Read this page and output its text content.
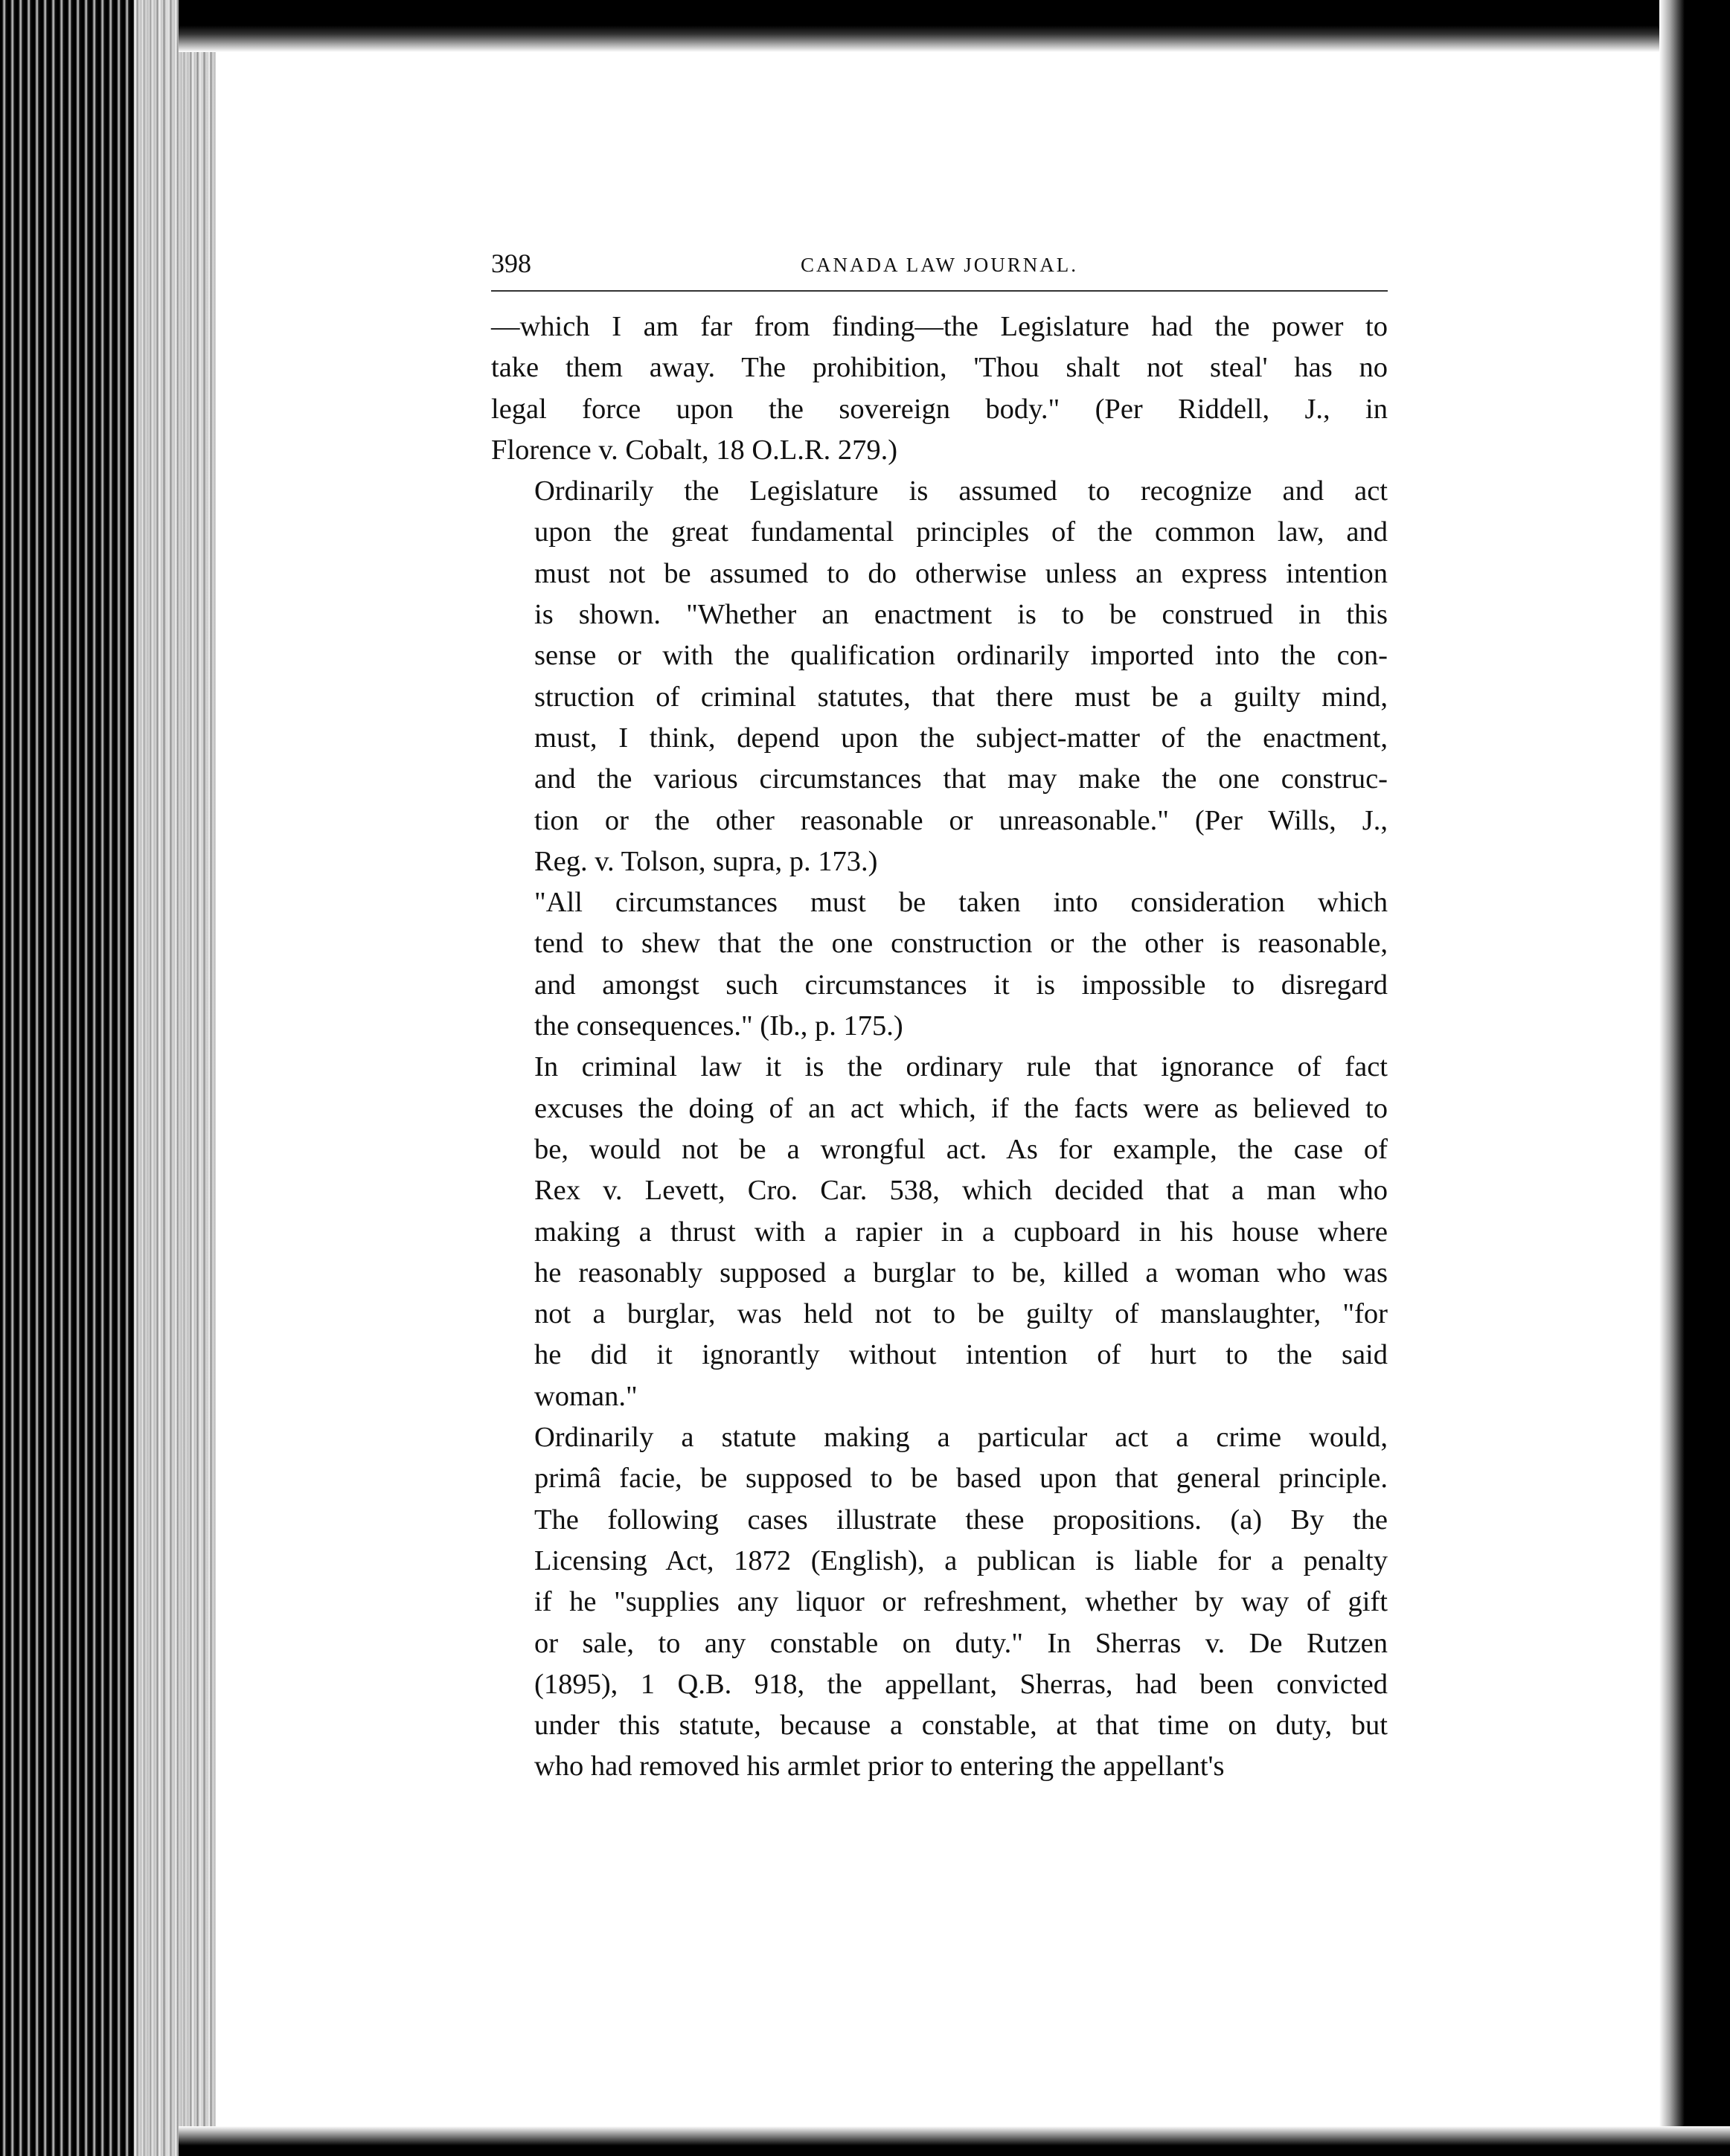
398	CANADA LAW JOURNAL.

—which I am far from finding—the Legislature had the power to
take them away. The prohibition, 'Thou shalt not steal' has no
legal force upon the sovereign body." (Per Riddell, J., in
Florence v. Cobalt, 18 O.L.R. 279.)

Ordinarily the Legislature is assumed to recognize and act
upon the great fundamental principles of the common law, and
must not be assumed to do otherwise unless an express intention
is shown. "Whether an enactment is to be construed in this
sense or with the qualification ordinarily imported into the con-
struction of criminal statutes, that there must be a guilty mind,
must, I think, depend upon the subject-matter of the enactment,
and the various circumstances that may make the one construc-
tion or the other reasonable or unreasonable." (Per Wills, J.,
Reg. v. Tolson, supra, p. 173.)

"All circumstances must be taken into consideration which
tend to shew that the one construction or the other is reasonable,
and amongst such circumstances it is impossible to disregard
the consequences." (Ib., p. 175.)

In criminal law it is the ordinary rule that ignorance of fact
excuses the doing of an act which, if the facts were as believed to
be, would not be a wrongful act. As for example, the case of
Rex v. Levett, Cro. Car. 538, which decided that a man who
making a thrust with a rapier in a cupboard in his house where
he reasonably supposed a burglar to be, killed a woman who was
not a burglar, was held not to be guilty of manslaughter, "for
he did it ignorantly without intention of hurt to the said
woman."

Ordinarily a statute making a particular act a crime would,
primâ facie, be supposed to be based upon that general principle.
The following cases illustrate these propositions. (a) By the
Licensing Act, 1872 (English), a publican is liable for a penalty
if he "supplies any liquor or refreshment, whether by way of gift
or sale, to any constable on duty." In Sherras v. De Rutzen
(1895), 1 Q.B. 918, the appellant, Sherras, had been convicted
under this statute, because a constable, at that time on duty, but
who had removed his armlet prior to entering the appellant's
